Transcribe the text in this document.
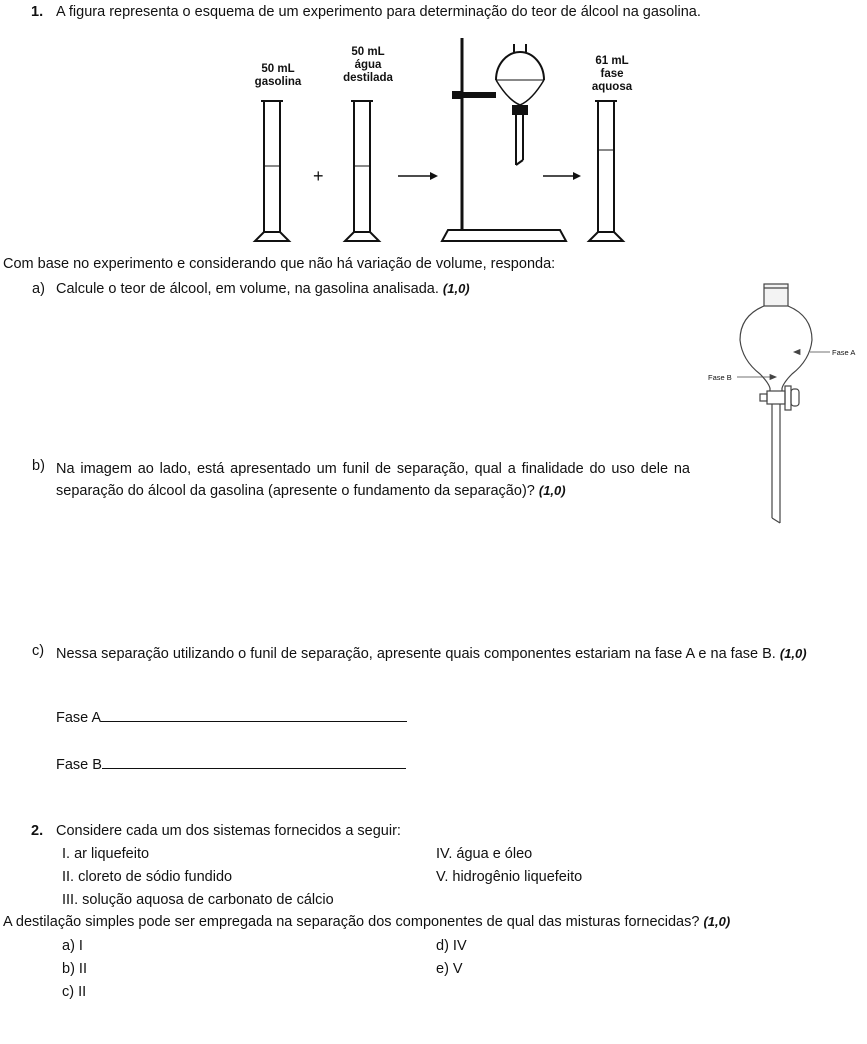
1. A figura representa o esquema de um experimento para determinação do teor de álcool na gasolina.
50 mL
gasolina
50 mL
água
destilada
61 mL
fase
aquosa
+
Com base no experimento e considerando que não há variação de volume, responda:
a) Calcule o teor de álcool, em volume, na gasolina analisada. (1,0)
Fase A
Fase B
b) Na imagem ao lado, está apresentado um funil de separação, qual a finalidade do uso dele na separação do álcool da gasolina (apresente o fundamento da separação)? (1,0)
c) Nessa separação utilizando o funil de separação, apresente quais componentes estariam na fase A e na fase B. (1,0)
Fase A
Fase B
2. Considere cada um dos sistemas fornecidos a seguir:
I. ar liquefeito
II. cloreto de sódio fundido
III. solução aquosa de carbonato de cálcio
IV. água e óleo
V. hidrogênio liquefeito
A destilação simples pode ser empregada na separação dos componentes de qual das misturas fornecidas? (1,0)
a) I
b) II
c) II
d) IV
e) V
